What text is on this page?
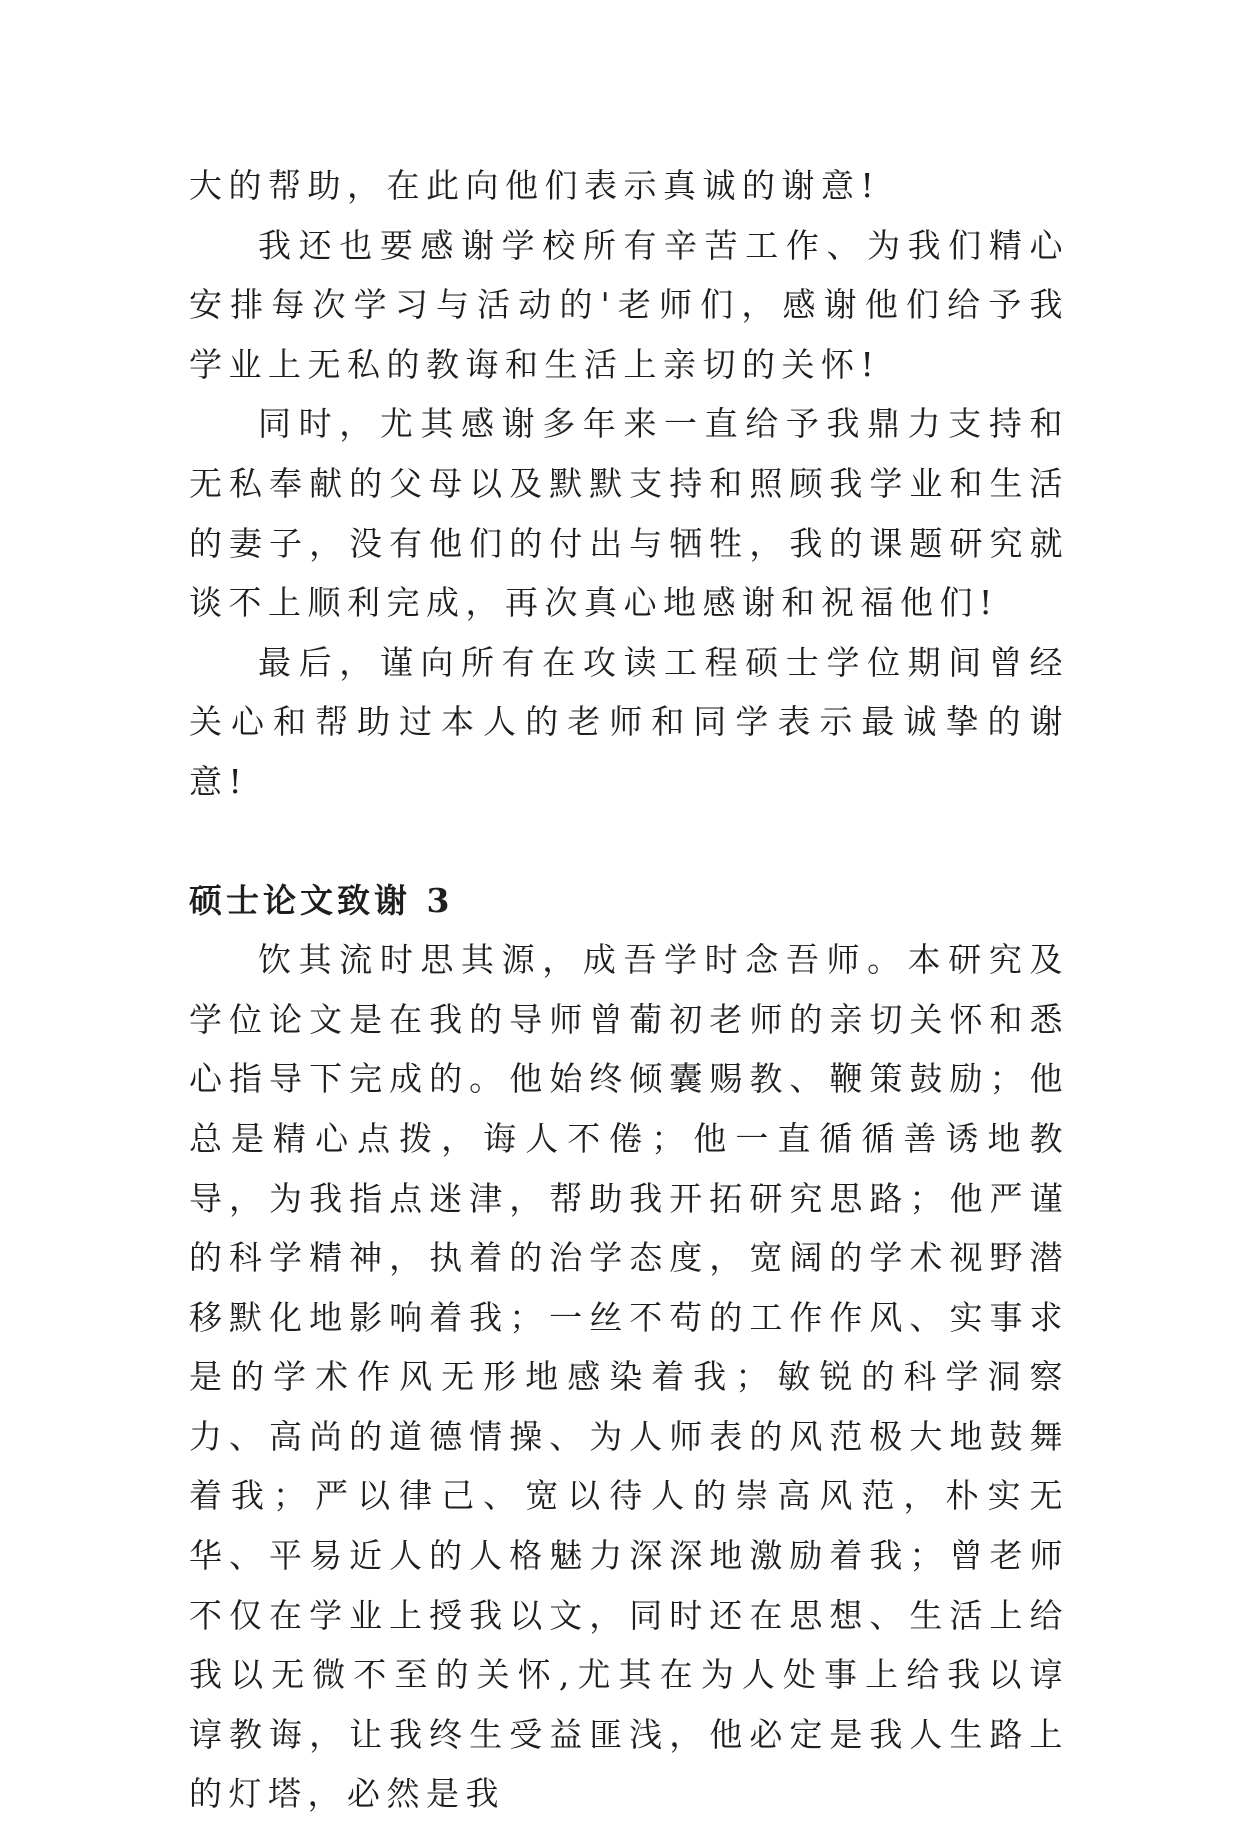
大的帮助，在此向他们表示真诚的谢意!

我还也要感谢学校所有辛苦工作、为我们精心安排每次学习与活动的'老师们，感谢他们给予我学业上无私的教诲和生活上亲切的关怀!

同时，尤其感谢多年来一直给予我鼎力支持和无私奉献的父母以及默默支持和照顾我学业和生活的妻子，没有他们的付出与牺牲，我的课题研究就谈不上顺利完成，再次真心地感谢和祝福他们!

最后，谨向所有在攻读工程硕士学位期间曾经关心和帮助过本人的老师和同学表示最诚挚的谢意!

硕士论文致谢 3

饮其流时思其源，成吾学时念吾师。本研究及学位论文是在我的导师曾葡初老师的亲切关怀和悉心指导下完成的。他始终倾囊赐教、鞭策鼓励；他总是精心点拨，诲人不倦；他一直循循善诱地教导，为我指点迷津，帮助我开拓研究思路；他严谨的科学精神，执着的治学态度，宽阔的学术视野潜移默化地影响着我；一丝不苟的工作作风、实事求是的学术作风无形地感染着我；敏锐的科学洞察力、高尚的道德情操、为人师表的风范极大地鼓舞着我；严以律己、宽以待人的崇高风范，朴实无华、平易近人的人格魅力深深地激励着我；曾老师不仅在学业上授我以文，同时还在思想、生活上给我以无微不至的关怀,尤其在为人处事上给我以谆谆教诲，让我终生受益匪浅，他必定是我人生路上的灯塔，必然是我
